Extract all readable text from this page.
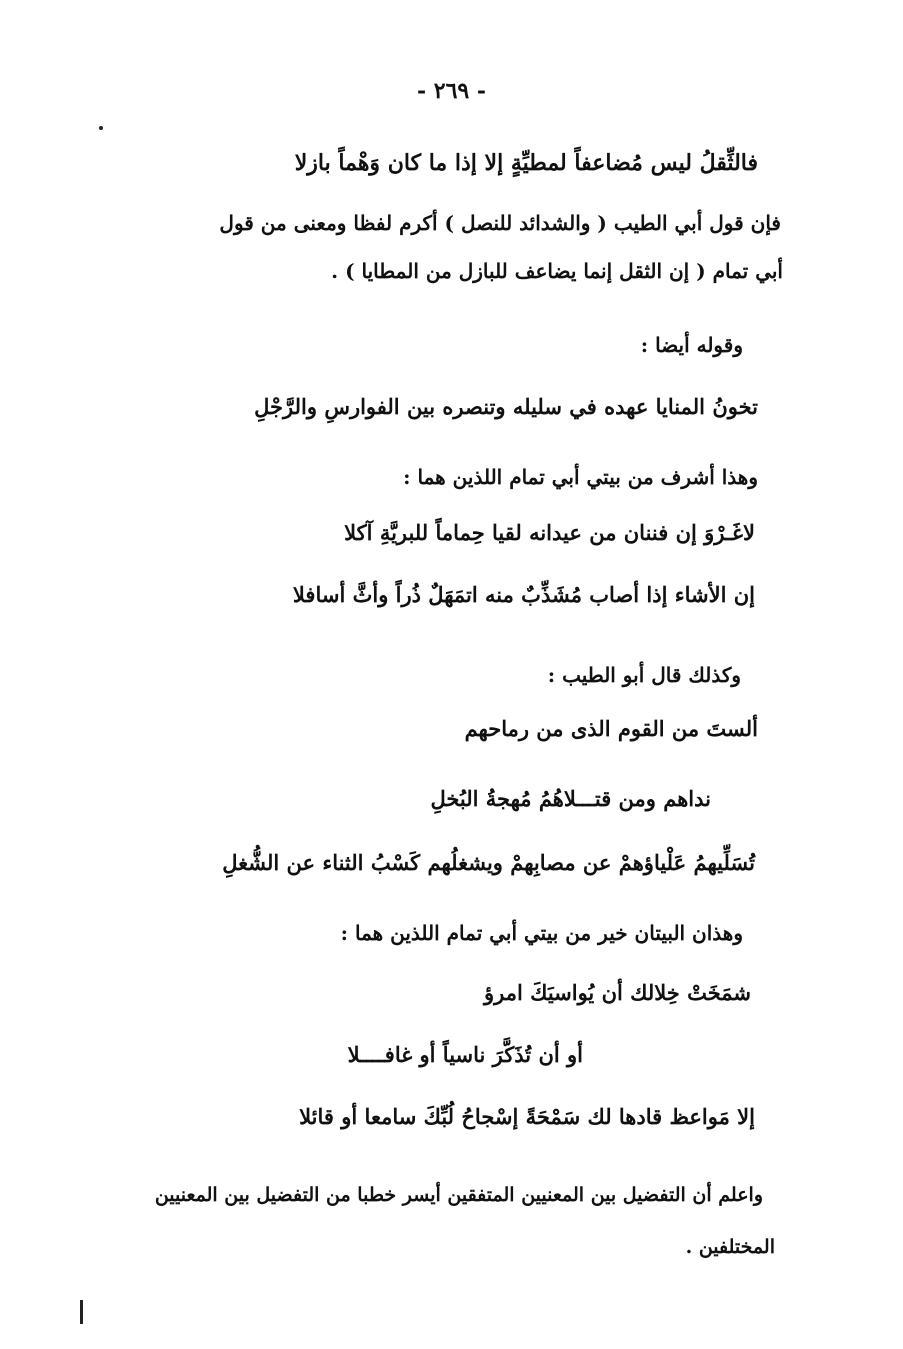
- ٢٦٩ -
فالثِّقلُ ليس مُضاعفاً لمطيِّةٍ إلا إذا ما كان وَهْماً بازلا
فإن قول أبي الطيب ( والشدائد للنصل ) أكرم لفظا ومعنى من قول
أبي تمام ( إن الثقل إنما يضاعف للبازل من المطايا ) .
وقوله أيضا :
تخونُ المنايا عهده في سليله وتنصره بين الفوارسِ والرَّجْلِ
وهذا أشرف من بيتي أبي تمام اللذين هما :
لاغَـرْوَ إن فننان من عيدانه لقيا حِماماً للبريَّةِ آكلا
إن الأشاء إذا أصاب مُشَذِّبٌ منه اتمَهَلٌ ذُراً وأثَّ أسافلا
وكذلك قال أبو الطيب :
ألستَ من القوم الذى من رماحهم
نداهم ومن قتـــلاهُمُ مُهجةُ البُخلِ
تُسَلِّيهمُ عَلْياؤهمْ عن مصابِهمْ ويشغلُهم كَسْبُ الثناء عن الشُّغلِ
وهذان البيتان خير من بيتي أبي تمام اللذين هما :
شمَخَتْ خِلالك أن يُواسيَكَ امرؤ
أو أن تُذَكَّرَ ناسياً أو غافــــلا
إلا مَواعظ قادها لك سَمْحَةً إسْجاحُ لُبِّكَ سامعا أو قائلا
واعلم أن التفضيل بين المعنيين المتفقين أيسر خطبا من التفضيل بين المعنيين
المختلفين .
